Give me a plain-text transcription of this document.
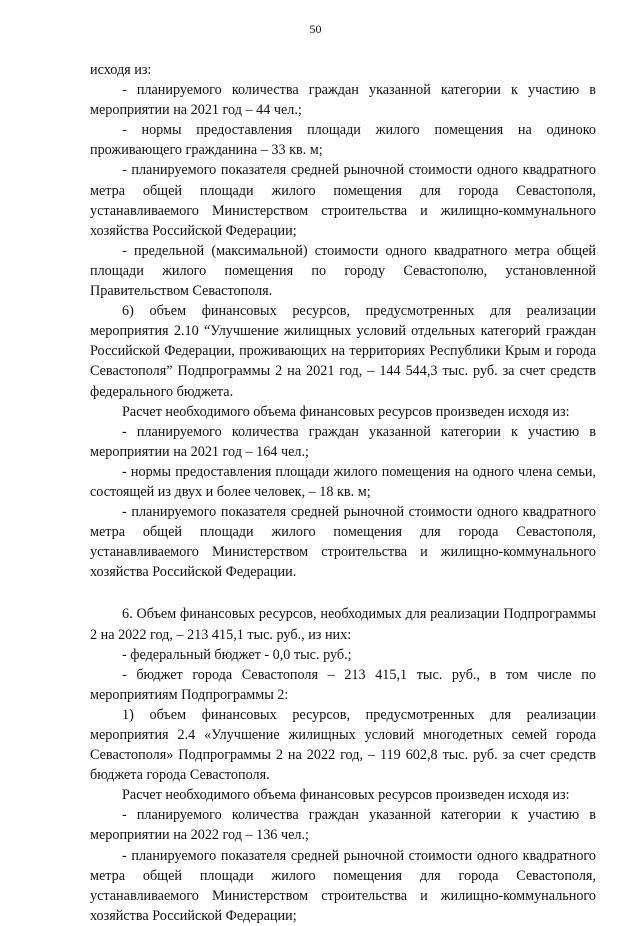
50

исходя из:

- планируемого количества граждан указанной категории к участию в мероприятии на 2021 год – 44 чел.;

- нормы предоставления площади жилого помещения на одиноко проживающего гражданина – 33 кв. м;

- планируемого показателя средней рыночной стоимости одного квадратного метра общей площади жилого помещения для города Севастополя, устанавливаемого Министерством строительства и жилищно-коммунального хозяйства Российской Федерации;

- предельной (максимальной) стоимости одного квадратного метра общей площади жилого помещения по городу Севастополю, установленной Правительством Севастополя.

6) объем финансовых ресурсов, предусмотренных для реализации мероприятия 2.10 “Улучшение жилищных условий отдельных категорий граждан Российской Федерации, проживающих на территориях Республики Крым и города Севастополя” Подпрограммы 2 на 2021 год, – 144 544,3 тыс. руб. за счет средств федерального бюджета.

Расчет необходимого объема финансовых ресурсов произведен исходя из:

- планируемого количества граждан указанной категории к участию в мероприятии на 2021 год – 164 чел.;

- нормы предоставления площади жилого помещения на одного члена семьи, состоящей из двух и более человек, – 18 кв. м;

- планируемого показателя средней рыночной стоимости одного квадратного метра общей площади жилого помещения для города Севастополя, устанавливаемого Министерством строительства и жилищно-коммунального хозяйства Российской Федерации.

6. Объем финансовых ресурсов, необходимых для реализации Подпрограммы 2 на 2022 год, – 213 415,1 тыс. руб., из них:

- федеральный бюджет - 0,0 тыс. руб.;

- бюджет города Севастополя – 213 415,1 тыс. руб., в том числе по мероприятиям Подпрограммы 2:

1) объем финансовых ресурсов, предусмотренных для реализации мероприятия 2.4 «Улучшение жилищных условий многодетных семей города Севастополя» Подпрограммы 2 на 2022 год, – 119 602,8 тыс. руб. за счет средств бюджета города Севастополя.

Расчет необходимого объема финансовых ресурсов произведен исходя из:

- планируемого количества граждан указанной категории к участию в мероприятии на 2022 год – 136 чел.;

- планируемого показателя средней рыночной стоимости одного квадратного метра общей площади жилого помещения для города Севастополя, устанавливаемого Министерством строительства и жилищно-коммунального хозяйства Российской Федерации;
